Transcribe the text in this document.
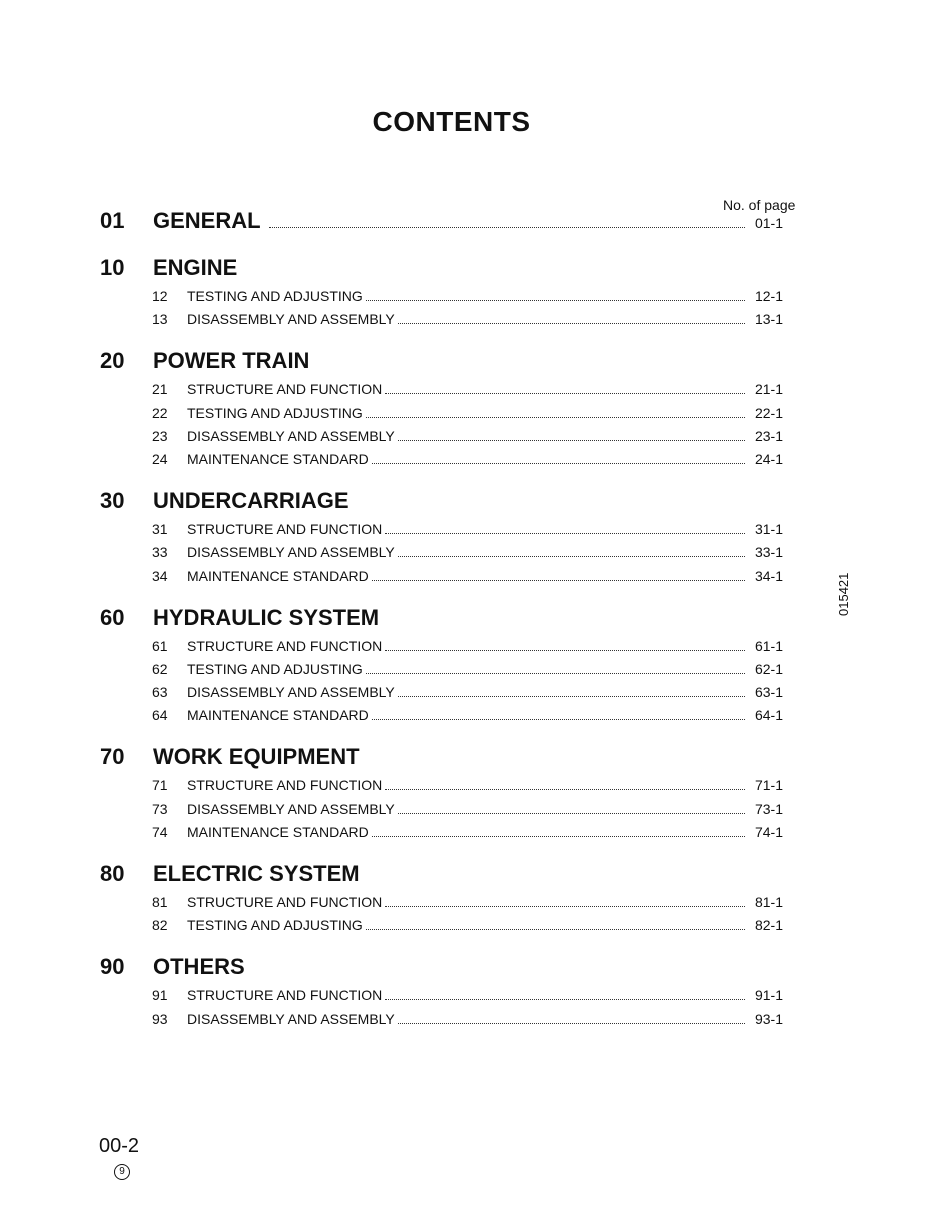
CONTENTS
No. of page
01	GENERAL	01-1
10	ENGINE
12	TESTING AND ADJUSTING	12-1
13	DISASSEMBLY AND ASSEMBLY	13-1
20	POWER TRAIN
21	STRUCTURE AND FUNCTION	21-1
22	TESTING AND ADJUSTING	22-1
23	DISASSEMBLY AND ASSEMBLY	23-1
24	MAINTENANCE STANDARD	24-1
30	UNDERCARRIAGE
31	STRUCTURE AND FUNCTION	31-1
33	DISASSEMBLY AND ASSEMBLY	33-1
34	MAINTENANCE STANDARD	34-1
60	HYDRAULIC SYSTEM
61	STRUCTURE AND FUNCTION	61-1
62	TESTING AND ADJUSTING	62-1
63	DISASSEMBLY AND ASSEMBLY	63-1
64	MAINTENANCE STANDARD	64-1
70	WORK EQUIPMENT
71	STRUCTURE AND FUNCTION	71-1
73	DISASSEMBLY AND ASSEMBLY	73-1
74	MAINTENANCE STANDARD	74-1
80	ELECTRIC SYSTEM
81	STRUCTURE AND FUNCTION	81-1
82	TESTING AND ADJUSTING	82-1
90	OTHERS
91	STRUCTURE AND FUNCTION	91-1
93	DISASSEMBLY AND ASSEMBLY	93-1
015421
00-2
9
